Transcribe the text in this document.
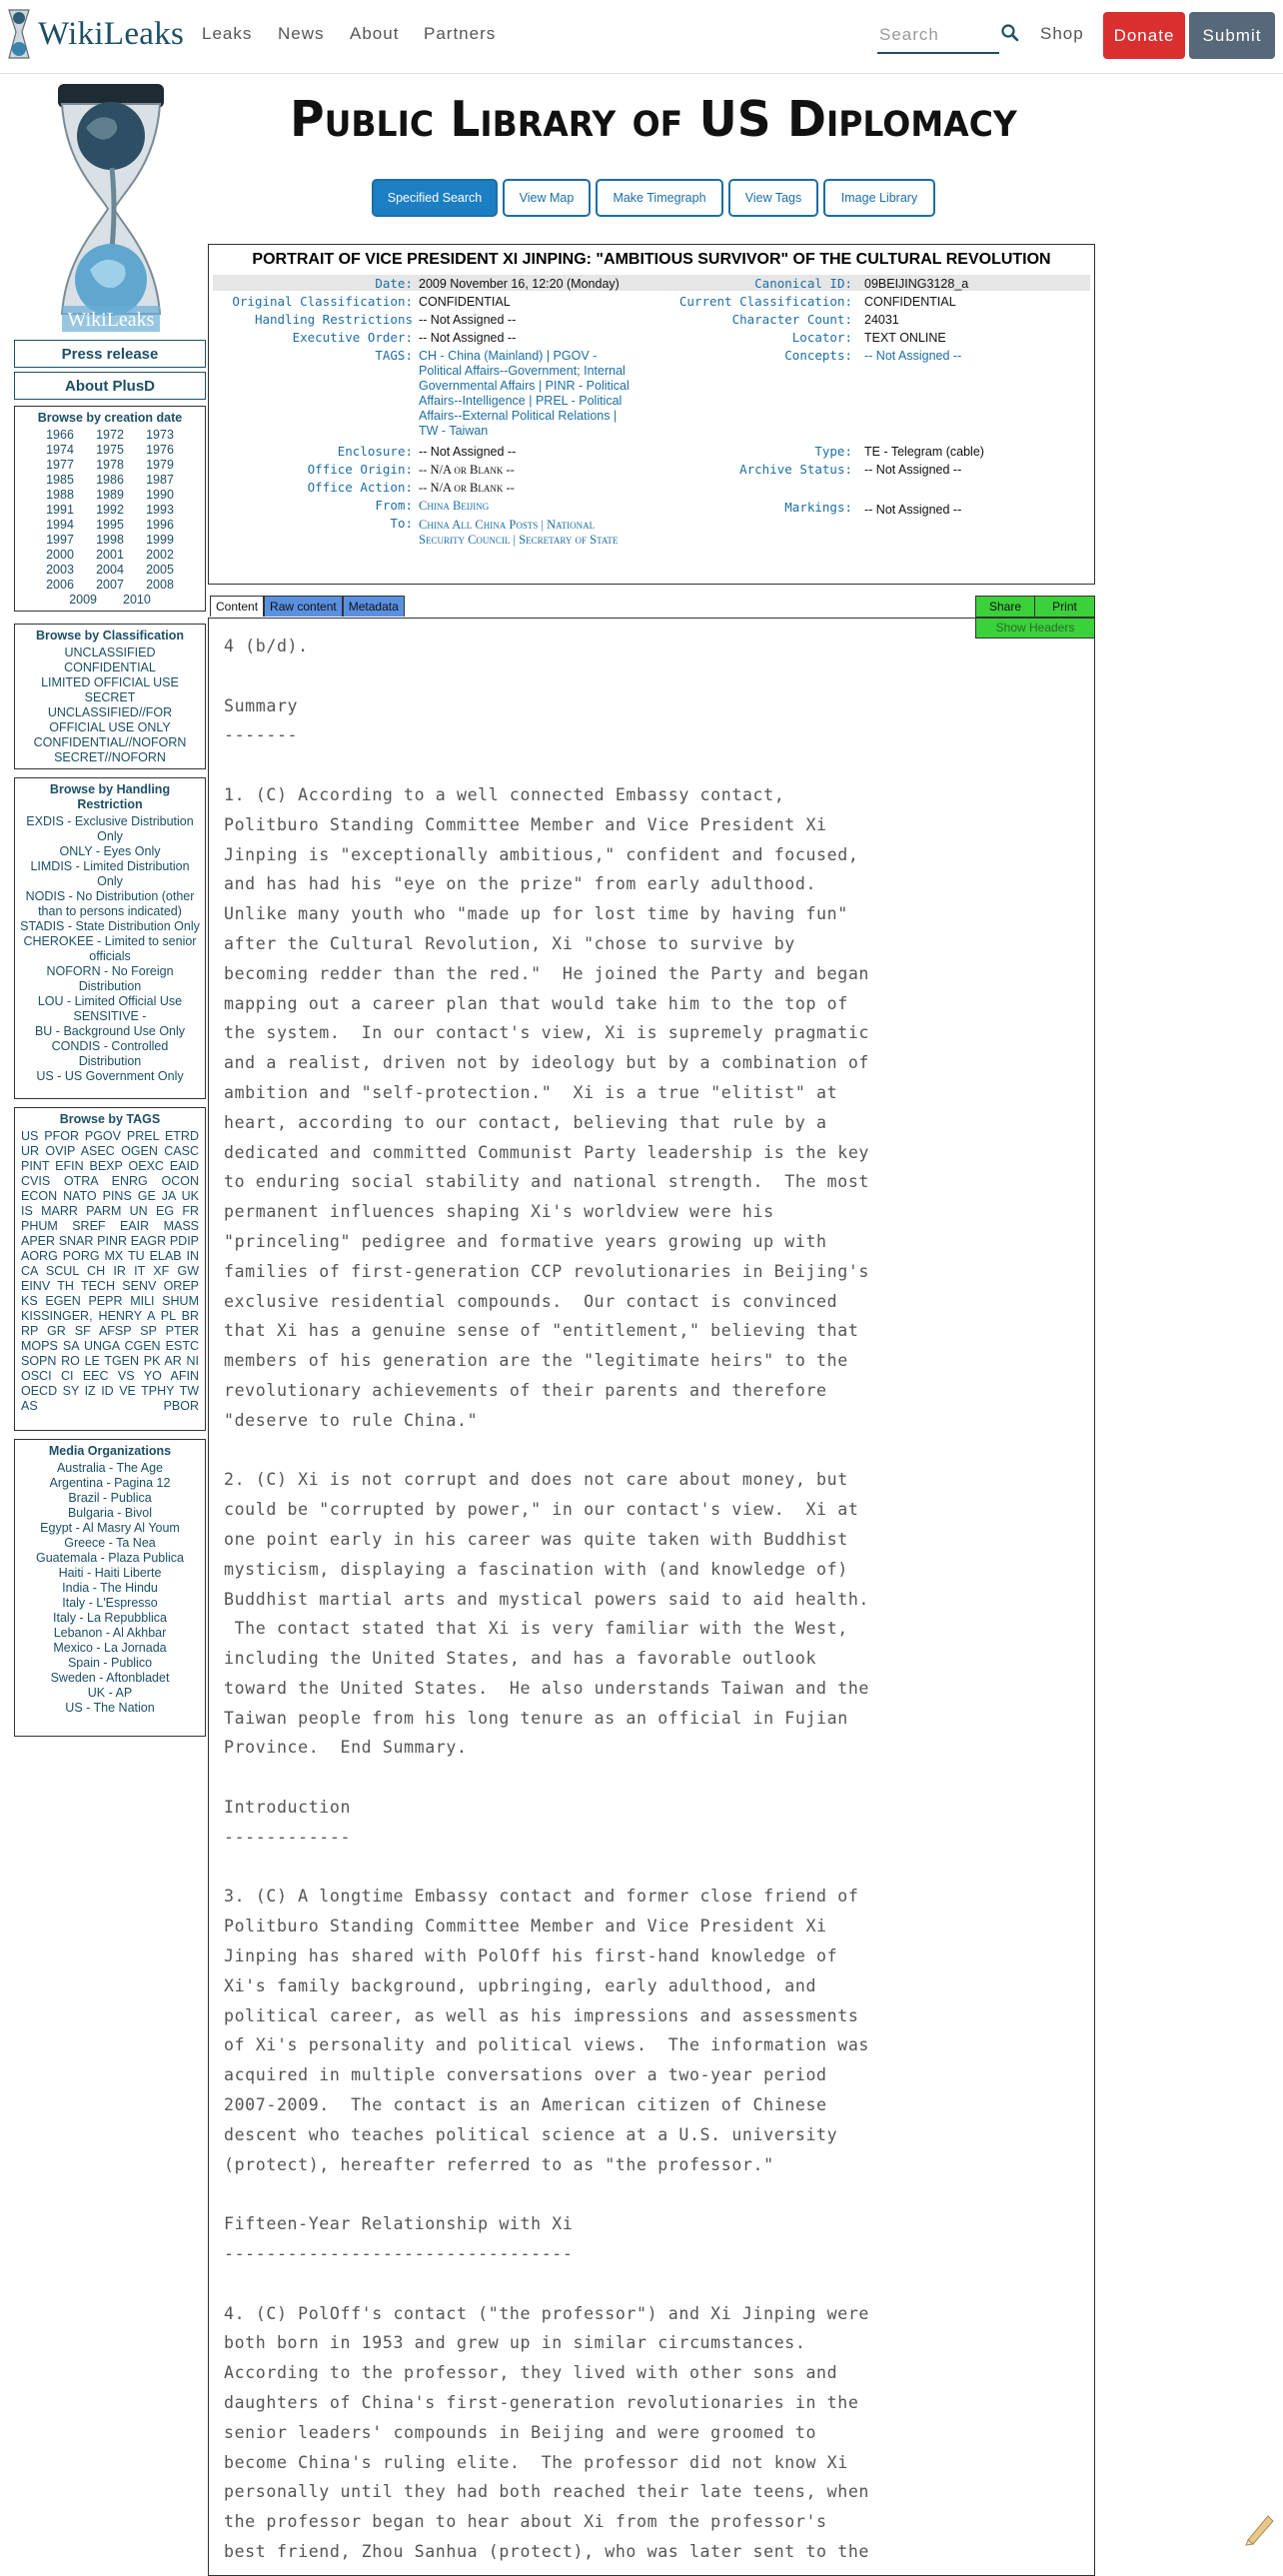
WikiLeaks Leaks News About Partners
Search	Shop	Donate	Submit
WikiLeaks
Press release
About PlusD
Browse by creation date
1966	1972	1973
1974	1975	1976
1977	1978	1979
1985	1986	1987
1988	1989	1990
1991	1992	1993
1994	1995	1996
1997	1998	1999
2000	2001	2002
2003	2004	2005
2006	2007	2008
2009 2010
Browse by Classification
UNCLASSIFIED
CONFIDENTIAL
LIMITED OFFICIAL USE
SECRET
UNCLASSIFIED//FOR OFFICIAL USE ONLY
CONFIDENTIAL//NOFORN
SECRET//NOFORN
Browse by Handling Restriction
EXDIS - Exclusive Distribution Only
ONLY - Eyes Only
LIMDIS - Limited Distribution Only
NODIS - No Distribution (other than to persons indicated)
STADIS - State Distribution Only
CHEROKEE - Limited to senior officials
NOFORN - No Foreign Distribution
LOU - Limited Official Use
SENSITIVE -
BU - Background Use Only
CONDIS - Controlled Distribution
US - US Government Only
Browse by TAGS
US PFOR PGOV PREL ETRD UR OVIP ASEC OGEN CASC PINT EFIN BEXP OEXC EAID CVIS OTRA ENRG OCON ECON NATO PINS GE JA UK IS MARR PARM UN EG FR PHUM SREF EAIR MASS APER SNAR PINR EAGR PDIP AORG PORG MX TU ELAB IN CA SCUL CH IR IT XF GW EINV TH TECH SENV OREP KS EGEN PEPR MILI SHUM KISSINGER, HENRY A PL BR RP GR SF AFSP SP PTER MOPS SA UNGA CGEN ESTC SOPN RO LE TGEN PK AR NI OSCI CI EEC VS YO AFIN OECD SY IZ ID VE TPHY TW AS PBOR
Media Organizations
Australia - The Age
Argentina - Pagina 12
Brazil - Publica
Bulgaria - Bivol
Egypt - Al Masry Al Youm
Greece - Ta Nea
Guatemala - Plaza Publica
Haiti - Haiti Liberte
India - The Hindu
Italy - L'Espresso
Italy - La Repubblica
Lebanon - Al Akhbar
Mexico - La Jornada
Spain - Publico
Sweden - Aftonbladet
UK - AP
US - The Nation
Public Library of US Diplomacy
Specified Search	View Map	Make Timegraph	View Tags	Image Library
PORTRAIT OF VICE PRESIDENT XI JINPING: "AMBITIOUS SURVIVOR" OF THE CULTURAL REVOLUTION
Date: 2009 November 16, 12:20 (Monday)	Canonical ID: 09BEIJING3128_a
Original Classification: CONFIDENTIAL	Current Classification: CONFIDENTIAL
Handling Restrictions -- Not Assigned --	Character Count: 24031
Executive Order: -- Not Assigned --	Locator: TEXT ONLINE
TAGS: CH - China (Mainland) | PGOV -
Political Affairs--Government; Internal
Governmental Affairs | PINR - Political
Affairs--Intelligence | PREL - Political
Affairs--External Political Relations |
TW - Taiwan
Concepts: -- Not Assigned --
Enclosure: -- Not Assigned --	Type: TE - Telegram (cable)
Office Origin: -- N/A or Blank --	Archive Status: -- Not Assigned --
Office Action: -- N/A or Blank --
From: China Beijing	Markings: -- Not Assigned --
To: China All China Posts | National
Security Council | Secretary of State
Content	Raw content	Metadata	Share	Print
Show Headers
4 (b/d).

Summary
-------

1. (C) According to a well connected Embassy contact,
Politburo Standing Committee Member and Vice President Xi
Jinping is "exceptionally ambitious," confident and focused,
and has had his "eye on the prize" from early adulthood.
Unlike many youth who "made up for lost time by having fun"
after the Cultural Revolution, Xi "chose to survive by
becoming redder than the red."  He joined the Party and began
mapping out a career plan that would take him to the top of
the system.  In our contact's view, Xi is supremely pragmatic
and a realist, driven not by ideology but by a combination of
ambition and "self-protection."  Xi is a true "elitist" at
heart, according to our contact, believing that rule by a
dedicated and committed Communist Party leadership is the key
to enduring social stability and national strength.  The most
permanent influences shaping Xi's worldview were his
"princeling" pedigree and formative years growing up with
families of first-generation CCP revolutionaries in Beijing's
exclusive residential compounds.  Our contact is convinced
that Xi has a genuine sense of "entitlement," believing that
members of his generation are the "legitimate heirs" to the
revolutionary achievements of their parents and therefore
"deserve to rule China."

2. (C) Xi is not corrupt and does not care about money, but
could be "corrupted by power," in our contact's view.  Xi at
one point early in his career was quite taken with Buddhist
mysticism, displaying a fascination with (and knowledge of)
Buddhist martial arts and mystical powers said to aid health.
The contact stated that Xi is very familiar with the West,
including the United States, and has a favorable outlook
toward the United States.  He also understands Taiwan and the
Taiwan people from his long tenure as an official in Fujian
Province.  End Summary.

Introduction
------------

3. (C) A longtime Embassy contact and former close friend of
Politburo Standing Committee Member and Vice President Xi
Jinping has shared with PolOff his first-hand knowledge of
Xi's family background, upbringing, early adulthood, and
political career, as well as his impressions and assessments
of Xi's personality and political views.  The information was
acquired in multiple conversations over a two-year period
2007-2009.  The contact is an American citizen of Chinese
descent who teaches political science at a U.S. university
(protect), hereafter referred to as "the professor."

Fifteen-Year Relationship with Xi
---------------------------------

4. (C) PolOff's contact ("the professor") and Xi Jinping were
both born in 1953 and grew up in similar circumstances.
According to the professor, they lived with other sons and
daughters of China's first-generation revolutionaries in the
senior leaders' compounds in Beijing and were groomed to
become China's ruling elite.  The professor did not know Xi
personally until they had both reached their late teens, when
the professor began to hear about Xi from the professor's
best friend, Zhou Sanhua (protect), who was later sent to the
